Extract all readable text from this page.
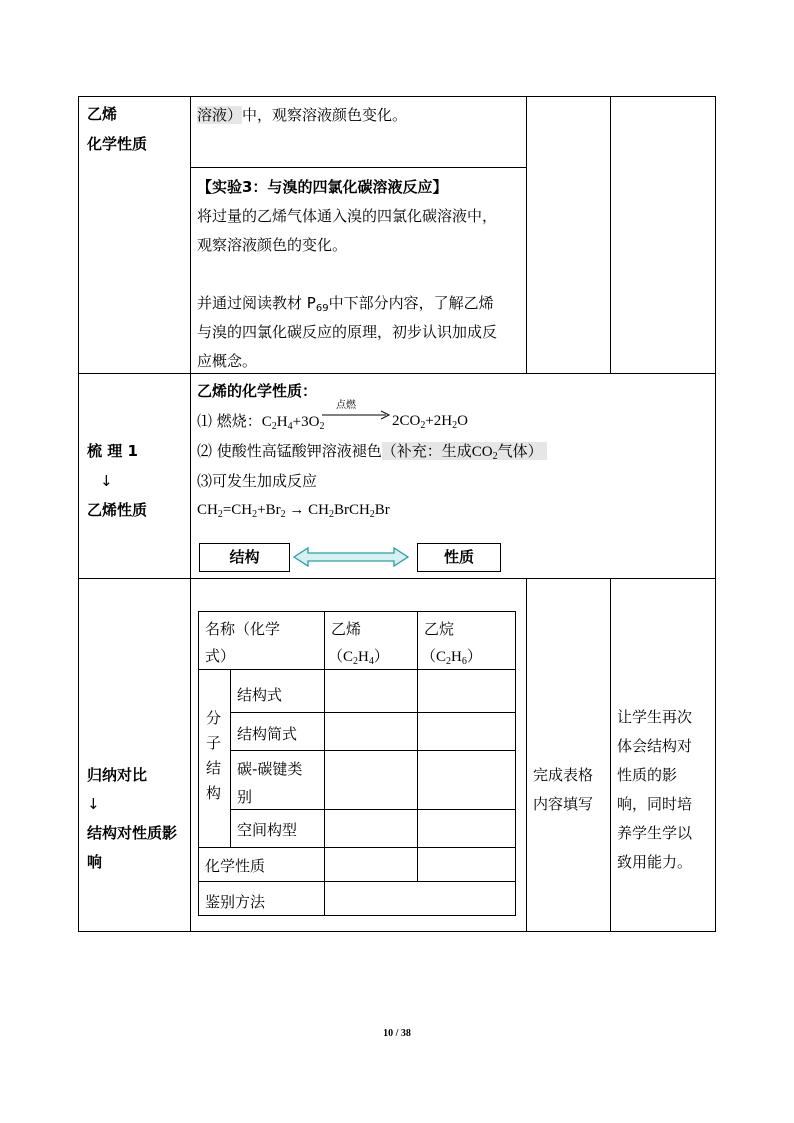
乙烯
化学性质
溶液）中，观察溶液颜色变化。
【实验3：与溴的四氯化碳溶液反应】
将过量的乙烯气体通入溴的四氯化碳溶液中，
观察溶液颜色的变化。
并通过阅读教材 $P_{69}$中下部分内容，了解乙烯
与溴的四氯化碳反应的原理，初步认识加成反
应概念。
梳 理 1
↓
乙烯性质
乙烯的化学性质：
⑴ 燃烧：$C_2H_4+3O_2$
点燃
$2CO_2+2H_2O$
⑵ 使酸性高锰酸钾溶液褪色（补充：生成$CO_2$气体）
⑶可发生加成反应
$CH_2=CH_2+Br_2$ → $CH_2BrCH_2Br$
结构	性质
归纳对比
↓
结构对性质影
响
完成表格
内容填写
让学生再次
体会结构对
性质的影
响，同时培
养学生学以
致用能力。
名称（化学
式）
乙烯
$(C_2H_4)$
乙烷
$(C_2H_6)$
分
子
结
构
结构式
结构简式
碳-碳键类
别
空间构型
化学性质
鉴别方法
10 / 38
